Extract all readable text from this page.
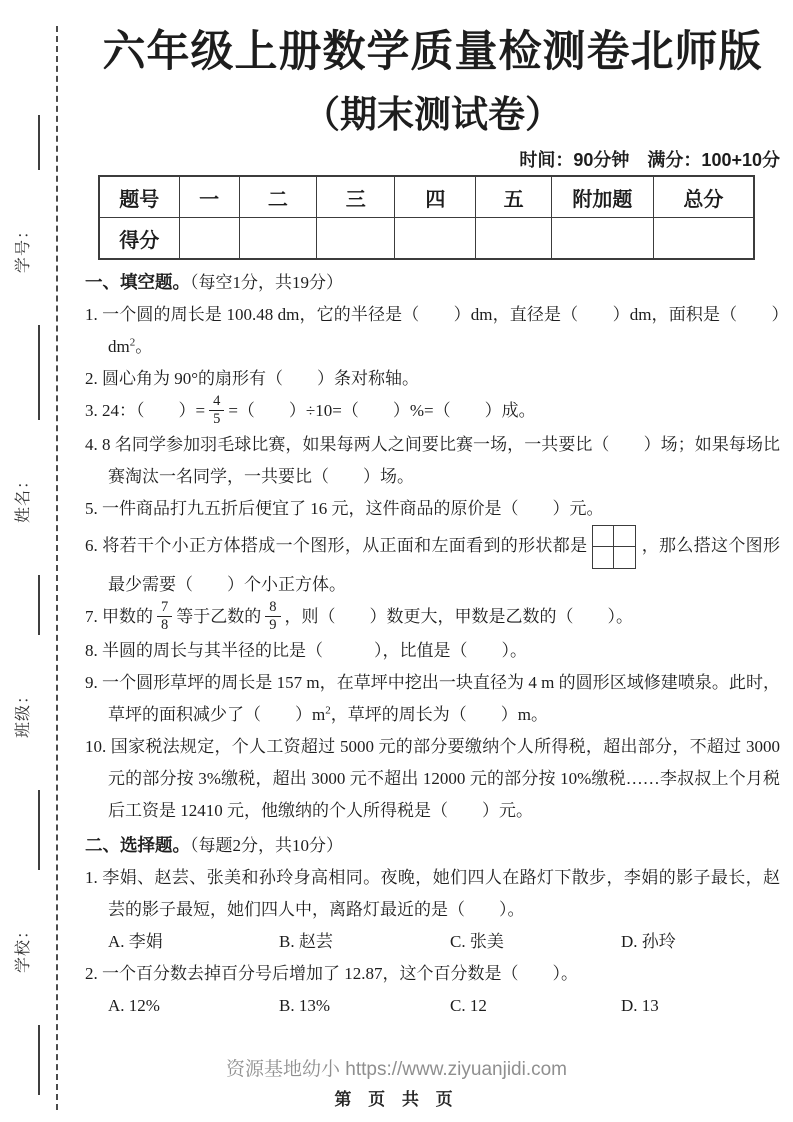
学校：
班级：
姓名：
学号：
六年级上册数学质量检测卷北师版
（期末测试卷）
时间：90分钟　满分：100+10分
题号	一	二	三	四	五	附加题	总分
得分							

一、填空题。（每空1分，共19分）

1. 一个圆的周长是 100.48 dm，它的半径是（　　）dm，直径是（　　）dm，面积是（　　）$dm^2$。

2. 圆心角为 90°的扇形有（　　）条对称轴。

3. 24：（　　）= $\frac{4}{5}$ =（　　）÷10=（　　）%=（　　）成。

4. 8 名同学参加羽毛球比赛，如果每两人之间要比赛一场，一共要比（　　）场；如果每场比赛淘汰一名同学，一共要比（　　）场。

5. 一件商品打九五折后便宜了 16 元，这件商品的原价是（　　）元。

6. 将若干个小正方体搭成一个图形，从正面和左面看到的形状都是	，那么搭这个图形最少需要（　　）个小正方体。

7. 甲数的 $\frac{7}{8}$ 等于乙数的 $\frac{8}{9}$ ，则（　　）数更大，甲数是乙数的（　　）。

8. 半圆的周长与其半径的比是（　　　），比值是（　　）。

9. 一个圆形草坪的周长是 157 m，在草坪中挖出一块直径为 4 m 的圆形区域修建喷泉。此时，草坪的面积减少了（　　）$m^2$，草坪的周长为（　　）m。

10. 国家税法规定，个人工资超过 5000 元的部分要缴纳个人所得税，超出部分，不超过 3000 元的部分按 3%缴税，超出 3000 元不超出 12000 元的部分按 10%缴税……李叔叔上个月税后工资是 12410 元，他缴纳的个人所得税是（　　）元。

二、选择题。（每题2分，共10分）

1. 李娟、赵芸、张美和孙玲身高相同。夜晚，她们四人在路灯下散步，李娟的影子最长，赵芸的影子最短，她们四人中，离路灯最近的是（　　）。

A. 李娟	B. 赵芸	C. 张美	D. 孙玲

2. 一个百分数去掉百分号后增加了 12.87，这个百分数是（　　）。

A. 12%	B. 13%	C. 12	D. 13
资源基地幼小 https://www.ziyuanjidi.com
第 页 共 页
